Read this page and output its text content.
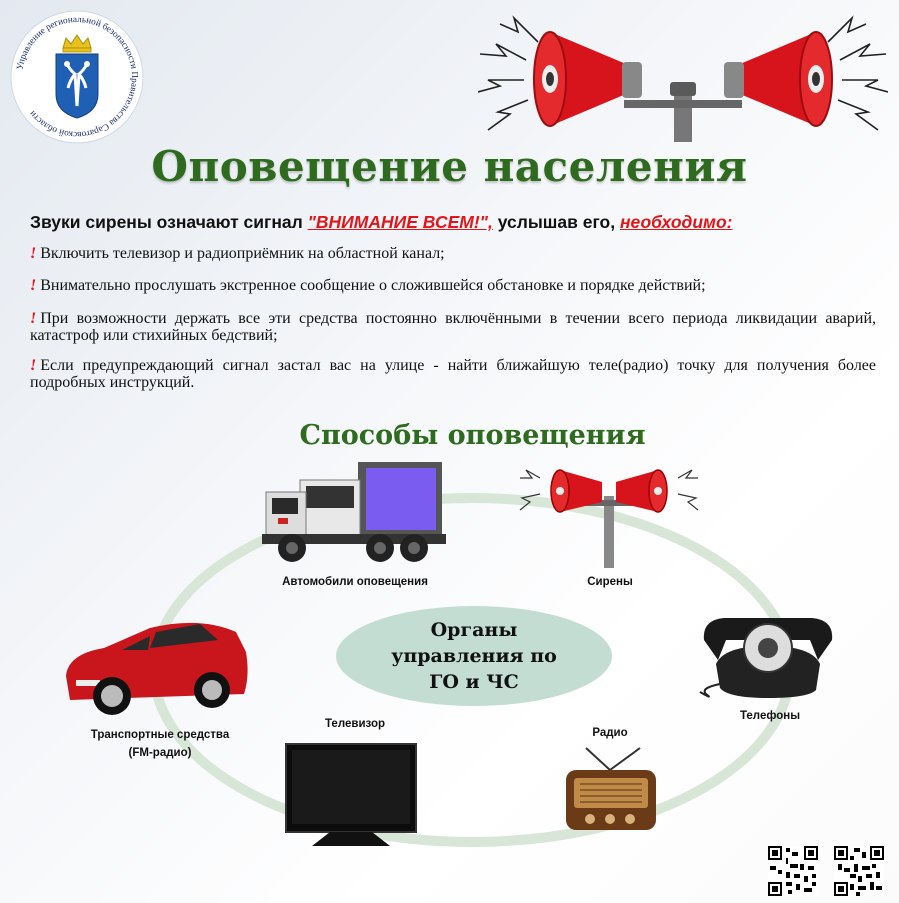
Управление региональной безопасности Правительства Саратовской области
Оповещение населения
Звуки сирены означают сигнал "ВНИМАНИЕ ВСЕМ!", услышав его, необходимо:
! Включить телевизор и радиоприёмник на областной канал;
! Внимательно прослушать экстренное сообщение о сложившейся обстановке и порядке действий;
! При возможности держать все эти средства постоянно включёнными в течении всего периода ликвидации аварий, катастроф или стихийных бедствий;
! Если предупреждающий сигнал застал вас на улице - найти ближайшую теле(радио) точку для получения более подробных инструкций.
Способы оповещения
Автомобили оповещения	Сирены
Телефоны
Радио
Телевизор
Транспортные средства
(FM-радио)
Органы управления по ГО и ЧС
